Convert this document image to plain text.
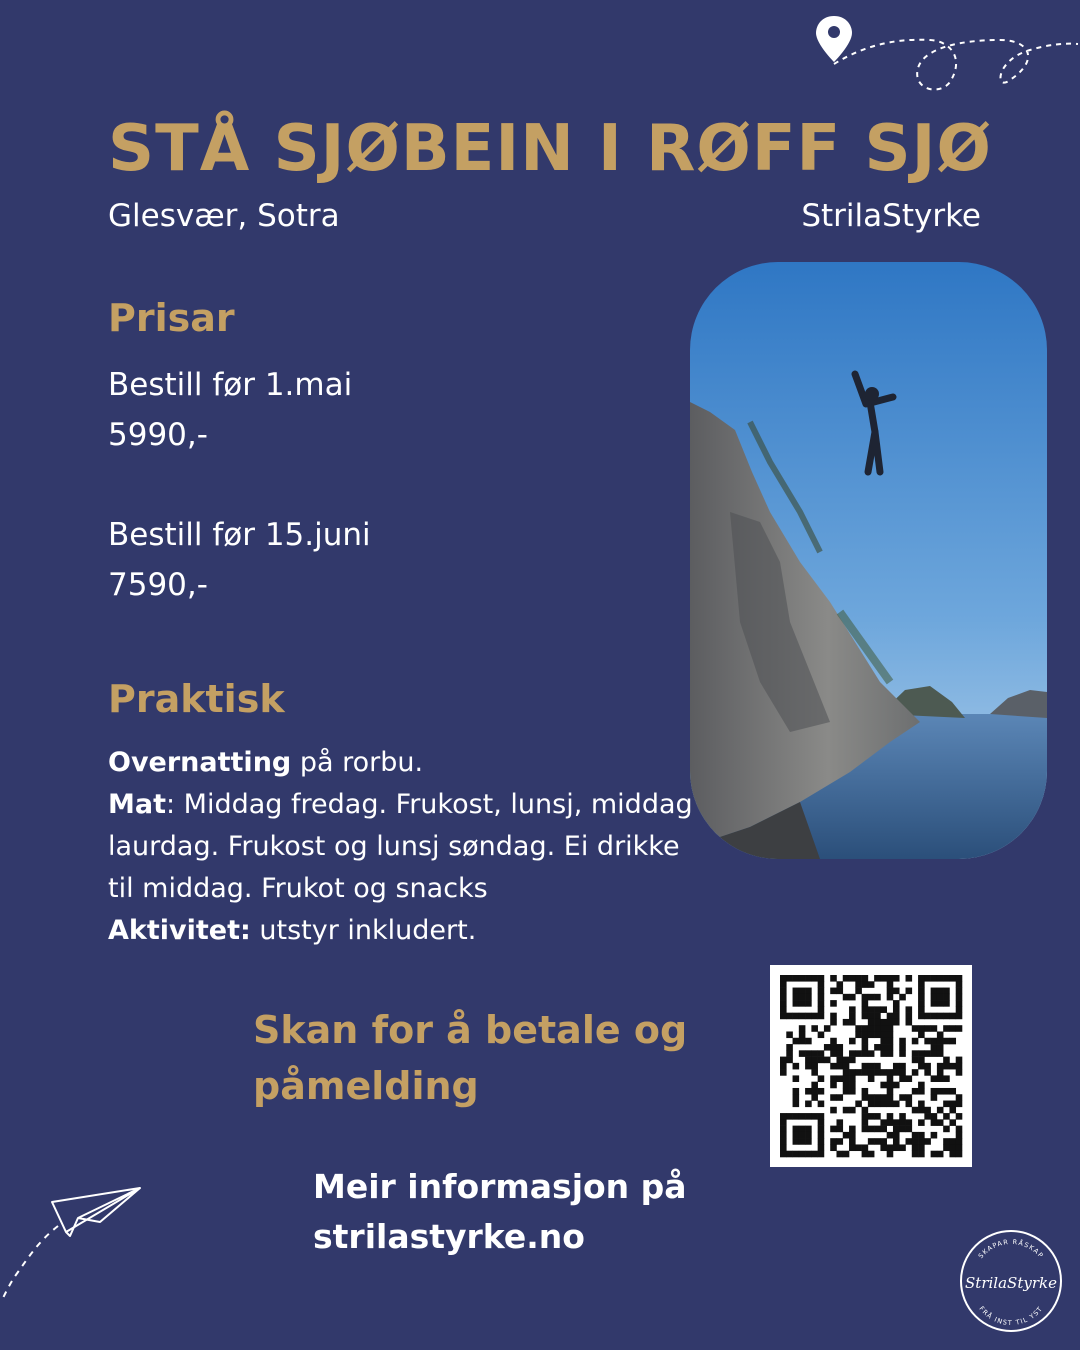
STÅ SJØBEIN I RØFF SJØ
Glesvær, Sotra	StrilaStyrke
Prisar
Bestill før 1.mai
5990,-
Bestill før 15.juni
7590,-
Praktisk
Overnatting på rorbu.
Mat: Middag fredag. Frukost, lunsj, middag laurdag. Frukost og lunsj søndag. Ei drikke til middag. Frukot og snacks
Aktivitet: utstyr inkludert.
Skan for å betale og påmelding
Meir informasjon på
strilastyrke.no	SKAPAR RÅSKAP
FRÅ INST TIL YST
StrilaStyrke
